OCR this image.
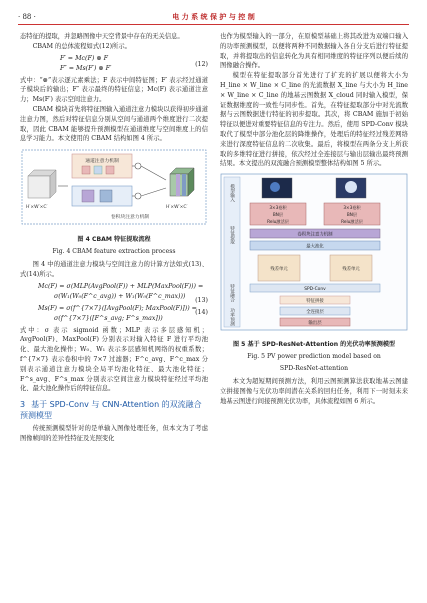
· 88 ·	电 力 系 统 保 护 与 控 制

态特征的提取，并忽略图像中天空背景中存在的无关信息。

CBAM 的总体流程如式(12)所示。

F′ = Mc(F) ⊗ F
F″ = Ms(F′) ⊗ F′
(12)

式中：“⊗”表示逐元素乘法；F 表示中间特征图；F′ 表示经过通道子模块后的输出；F″ 表示最终的特征信息；Mc(F) 表示通道注意力；Ms(F′) 表示空间注意力。

CBAM 模块首先将特征图输入通道注意力模块以获得初步通道注意力图，然后对特征信息分别从空间与通道两个维度进行二次提取，因此 CBAM 能够提升预测模型在通道维度与空间维度上的信息学习能力。本文使用的 CBAM 结构如图 4 所示。

H′×W′×C′
通道注意力机制
卷积块注意力机制
H′×W′×C′
图 4 CBAM 特征提取流程
Fig. 4 CBAM feature extraction process

图 4 中的通道注意力模块与空间注意力的计算方法如式(13)、式(14)所示。

Mc(F) = σ(MLP(AvgPool(F)) + MLP(MaxPool(F))) =
σ(W₁(W₀(F^c_avg)) + W₁(W₀(F^c_max)))
(13)
Ms(F) = σ(f^{7×7}([AvgPool(F); MaxPool(F)])) =
σ(f^{7×7}([F^s_avg; F^s_max]))
(14)

式中：σ 表示 sigmoid 函数；MLP 表示多层感知机；AvgPool(F)、MaxPool(F) 分别表示对输入特征 F 进行平均池化、最大池化操作；W₀、W₁ 表示多层感知机网络的权重系数；f^{7×7} 表示卷积中的 7×7 过滤器；F^c_avg、F^c_max 分别表示通道注意力模块全局平均池化特征、最大池化特征；F^s_avg、F^s_max 分别表示空间注意力模块特征经过平均池化、最大池化操作后的特征信息。

3 基于 SPD-Conv 与 CNN-Attention 的双流融合预测模型

传统预测模型针对的是单输入图像处理任务，但本文为了考虑图像帧间的差异性特征及光照变化

也作为模型输入的一部分，在原模型基础上将其改进为双端口输入的功率预测模型，以便将两种不同数据输入各自分支后进行特征提取，并将提取出的信息转化为具有相同维度的特征序列以便后续的图像融合操作。

模型在特征提取部分首先进行了扩充的扩展以便将大小为 H_line × W_line × C_line 的光流数据 X_line 与大小为 H_line × W_line × C_line 的地基云图数据 X_cloud 同时输入模型，保证数据维度的一致性与同步性。首先，在特征提取部分中对光流数据与云图数据进行特征的初步提取。其次，将 CBAM 施加于初始特征以便进对重要特征信息的专注力。然后，使用 SPD-Conv 模块取代了模型中部分池化层的降维操作，处理后的特征经过残差网络来进行深度特征信息的二次收集。最后，将模型在两条分支上所获取的多维特征进行拼接，依次经过全连接层与输出层输出最终预测结果。本文提出的双流融合预测模型整体结构如图 5 所示。

模型输入
特征提取
特征融合
功率预测
3×3卷积
BN层
Relu激活层
3×3卷积
BN层
Relu激活层
卷积块注意力机制
最大池化
残差单元	残差单元
SPD-Conv
特征拼接
全连接层
输出层
图 5 基于 SPD-ResNet-Attention 的光伏功率预测模型
Fig. 5 PV power prediction model based on
SPD-ResNet-attention

本文为超短期间预测方法，利用云图预测算法获取地基云图建立拼接图像与光伏功率间潜在关系的回归任务，利用下一时刻未来地基云图进行间接预测光伏功率，具体流程如图 6 所示。
